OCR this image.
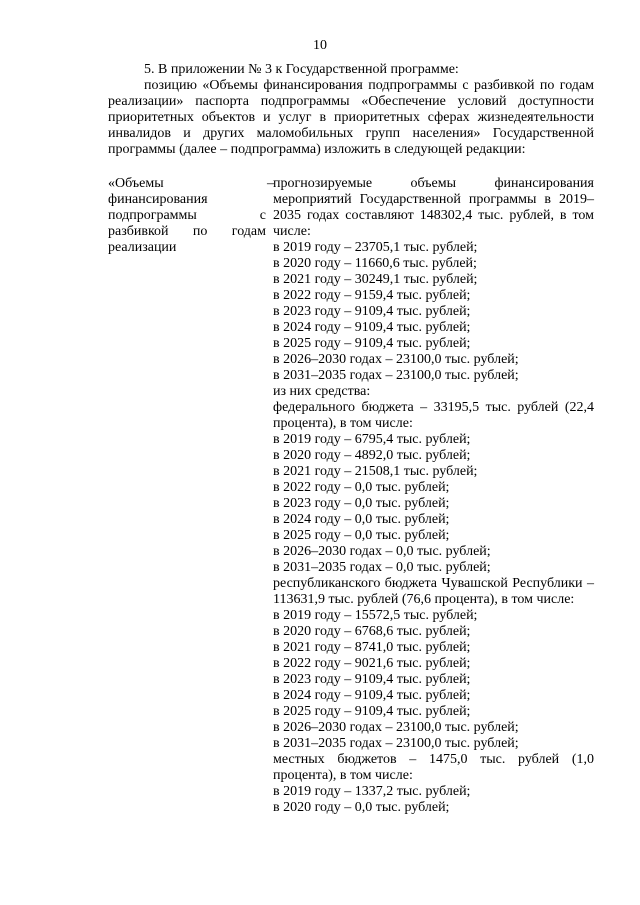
10

5. В приложении № 3 к Государственной программе:

позицию «Объемы финансирования подпрограммы с разбивкой по годам реализации» паспорта подпрограммы «Обеспечение условий доступности приоритетных объектов и услуг в приоритетных сферах жизнедеятельности инвалидов и других маломобильных групп населения» Государственной программы (далее – подпрограмма) изложить в следующей редакции:

«Объемы финансирования подпрограммы с разбивкой по годам реализации
– прогнозируемые объемы финансирования мероприятий Государственной программы в 2019–2035 годах составляют 148302,4 тыс. рублей, в том числе:
в 2019 году – 23705,1 тыс. рублей;
в 2020 году – 11660,6 тыс. рублей;
в 2021 году – 30249,1 тыс. рублей;
в 2022 году – 9159,4 тыс. рублей;
в 2023 году – 9109,4 тыс. рублей;
в 2024 году – 9109,4 тыс. рублей;
в 2025 году – 9109,4 тыс. рублей;
в 2026–2030 годах – 23100,0 тыс. рублей;
в 2031–2035 годах – 23100,0 тыс. рублей;
из них средства:
федерального бюджета – 33195,5 тыс. рублей (22,4 процента), в том числе:
в 2019 году – 6795,4 тыс. рублей;
в 2020 году – 4892,0 тыс. рублей;
в 2021 году – 21508,1 тыс. рублей;
в 2022 году – 0,0 тыс. рублей;
в 2023 году – 0,0 тыс. рублей;
в 2024 году – 0,0 тыс. рублей;
в 2025 году – 0,0 тыс. рублей;
в 2026–2030 годах – 0,0 тыс. рублей;
в 2031–2035 годах – 0,0 тыс. рублей;
республиканского бюджета Чувашской Республики – 113631,9 тыс. рублей (76,6 процента), в том числе:
в 2019 году – 15572,5 тыс. рублей;
в 2020 году – 6768,6 тыс. рублей;
в 2021 году – 8741,0 тыс. рублей;
в 2022 году – 9021,6 тыс. рублей;
в 2023 году – 9109,4 тыс. рублей;
в 2024 году – 9109,4 тыс. рублей;
в 2025 году – 9109,4 тыс. рублей;
в 2026–2030 годах – 23100,0 тыс. рублей;
в 2031–2035 годах – 23100,0 тыс. рублей;
местных бюджетов – 1475,0 тыс. рублей (1,0 процента), в том числе:
в 2019 году – 1337,2 тыс. рублей;
в 2020 году – 0,0 тыс. рублей;
